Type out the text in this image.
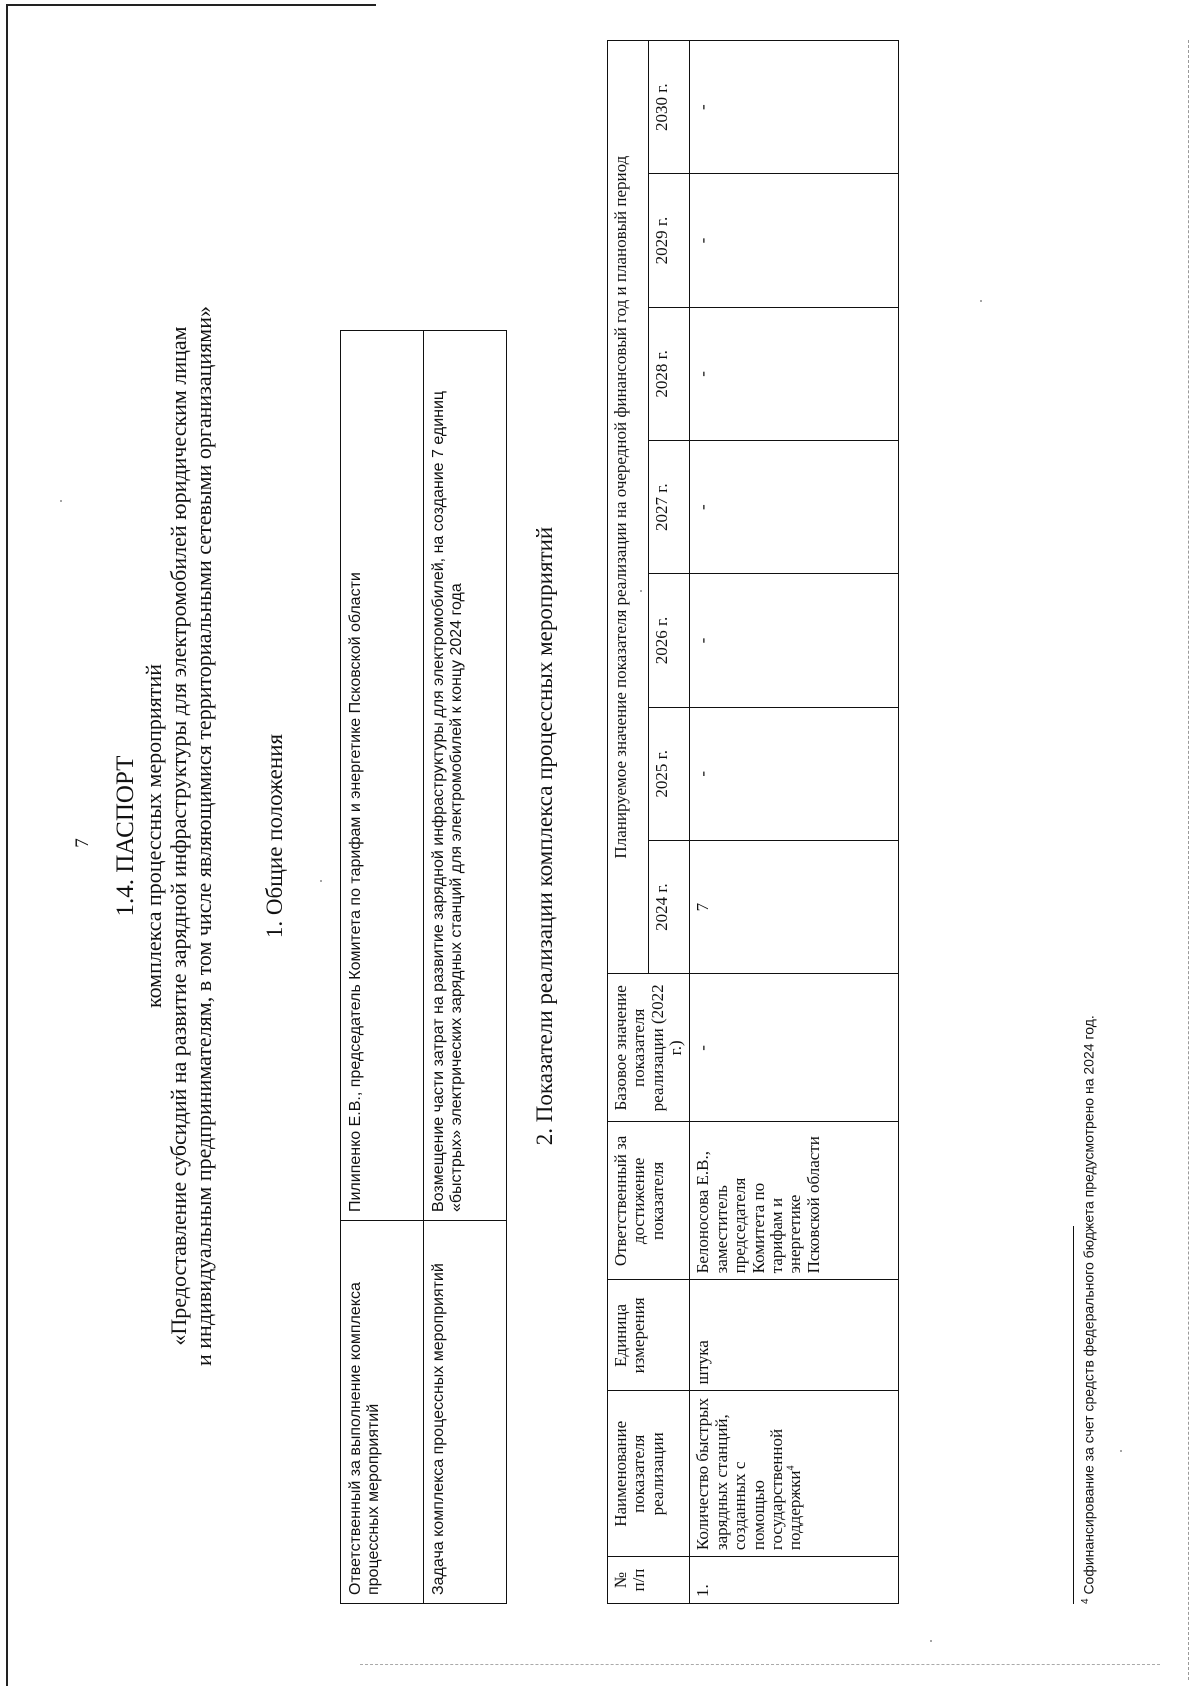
7 1.4. ПАСПОРТ комплекса процессных мероприятий «Предоставление субсидий на развитие зарядной инфраструктуры для электромобилей юридическим лицам и индивидуальным предпринимателям, в том числе являющимися территориальными сетевыми организациями» 1. Общие положения
Ответственный за выполнение комплекса процессных мероприятий	Пилипенко Е.В., председатель Комитета по тарифам и энергетике Псковской области
Задача комплекса процессных мероприятий	Возмещение части затрат на развитие зарядной инфраструктуры для электромобилей, на создание 7 единиц «быстрых» электрических зарядных станций для электромобилей к концу 2024 года	2. Показатели реализации комплекса процессных мероприятий
№ п/п	Наименование показателя реализации	Единица измерения	Ответственный за достижение показателя	Базовое значение показателя реализации (2022 г.)	Планируемое значение показателя реализации на очередной финансовый год и плановый период						
					2024 г.	2025 г.	2026 г.	2027 г.	2028 г.	2029 г.	2030 г.
1.	Количество быстрых зарядных станций, созданных с помощью государственной поддержки$^4$	штука	Белоносова Е.В., заместитель председателя Комитета по тарифам и энергетике Псковской области	-	7	-	-	-	-	-	-
$^4$ Софинансирование за счет средств федерального бюджета предусмотрено на 2024 год.
